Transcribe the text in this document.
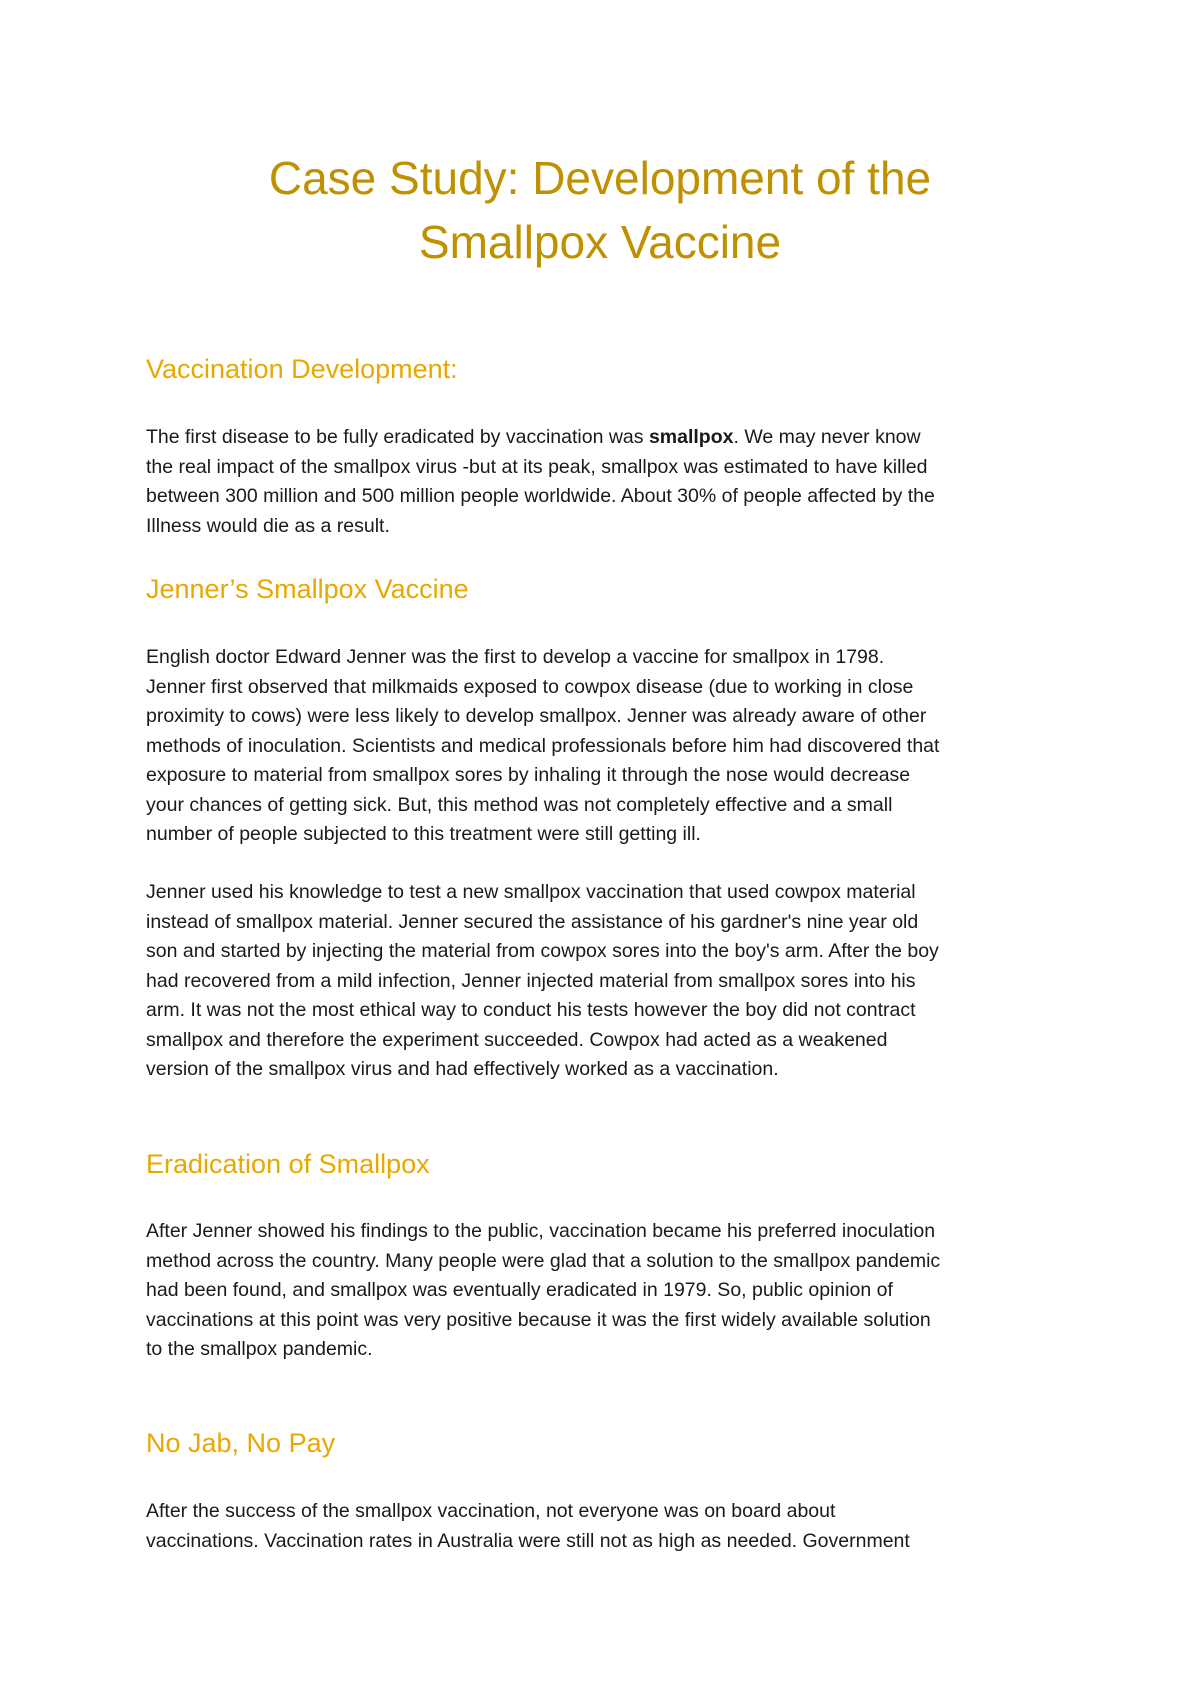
Case Study: Development of the
Smallpox Vaccine
Vaccination Development:

The first disease to be fully eradicated by vaccination was smallpox. We may never know
the real impact of the smallpox virus -but at its peak, smallpox was estimated to have killed
between 300 million and 500 million people worldwide. About 30% of people affected by the
Illness would die as a result.

Jenner’s Smallpox Vaccine

English doctor Edward Jenner was the first to develop a vaccine for smallpox in 1798.
Jenner first observed that milkmaids exposed to cowpox disease (due to working in close
proximity to cows) were less likely to develop smallpox. Jenner was already aware of other
methods of inoculation. Scientists and medical professionals before him had discovered that
exposure to material from smallpox sores by inhaling it through the nose would decrease
your chances of getting sick. But, this method was not completely effective and a small
number of people subjected to this treatment were still getting ill.

Jenner used his knowledge to test a new smallpox vaccination that used cowpox material
instead of smallpox material. Jenner secured the assistance of his gardner's nine year old
son and started by injecting the material from cowpox sores into the boy's arm. After the boy
had recovered from a mild infection, Jenner injected material from smallpox sores into his
arm. It was not the most ethical way to conduct his tests however the boy did not contract
smallpox and therefore the experiment succeeded. Cowpox had acted as a weakened
version of the smallpox virus and had effectively worked as a vaccination.

Eradication of Smallpox

After Jenner showed his findings to the public, vaccination became his preferred inoculation
method across the country. Many people were glad that a solution to the smallpox pandemic
had been found, and smallpox was eventually eradicated in 1979. So, public opinion of
vaccinations at this point was very positive because it was the first widely available solution
to the smallpox pandemic.

No Jab, No Pay

After the success of the smallpox vaccination, not everyone was on board about
vaccinations. Vaccination rates in Australia were still not as high as needed. Government
